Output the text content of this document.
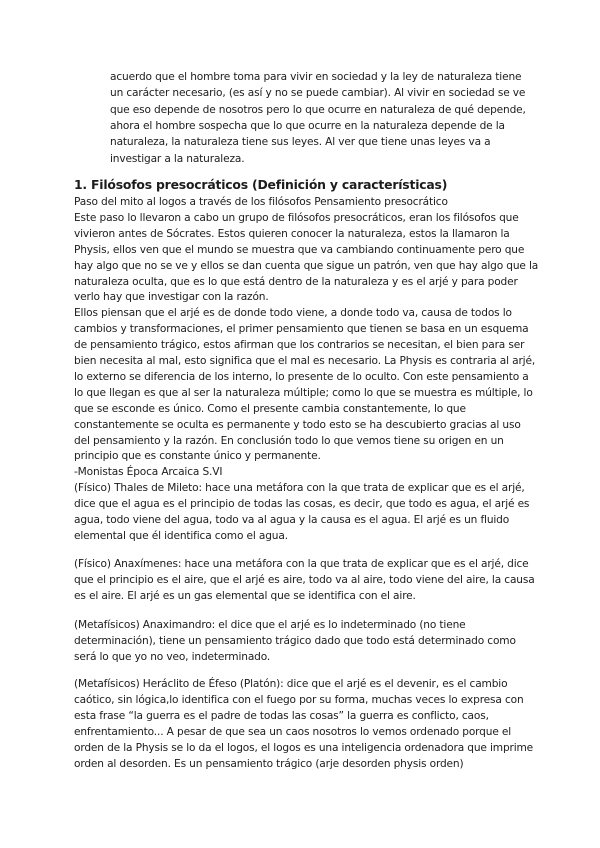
acuerdo que el hombre toma para vivir en sociedad y la ley de naturaleza tiene
un carácter necesario, (es así y no se puede cambiar). Al vivir en sociedad se ve
que eso depende de nosotros pero lo que ocurre en naturaleza de qué depende,
ahora el hombre sospecha que lo que ocurre en la naturaleza depende de la
naturaleza, la naturaleza tiene sus leyes. Al ver que tiene unas leyes va a
investigar a la naturaleza.
1. Filósofos presocráticos (Definición y características)
Paso del mito al logos a través de los filósofos Pensamiento presocrático
Este paso lo llevaron a cabo un grupo de filósofos presocráticos, eran los filósofos que
vivieron antes de Sócrates. Estos quieren conocer la naturaleza, estos la llamaron la
Physis, ellos ven que el mundo se muestra que va cambiando continuamente pero que
hay algo que no se ve y ellos se dan cuenta que sigue un patrón, ven que hay algo que la
naturaleza oculta, que es lo que está dentro de la naturaleza y es el arjé y para poder
verlo hay que investigar con la razón.
Ellos piensan que el arjé es de donde todo viene, a donde todo va, causa de todos lo
cambios y transformaciones, el primer pensamiento que tienen se basa en un esquema
de pensamiento trágico, estos afirman que los contrarios se necesitan, el bien para ser
bien necesita al mal, esto significa que el mal es necesario. La Physis es contraria al arjé,
lo externo se diferencia de los interno, lo presente de lo oculto. Con este pensamiento a
lo que llegan es que al ser la naturaleza múltiple; como lo que se muestra es múltiple, lo
que se esconde es único. Como el presente cambia constantemente, lo que
constantemente se oculta es permanente y todo esto se ha descubierto gracias al uso
del pensamiento y la razón. En conclusión todo lo que vemos tiene su origen en un
principio que es constante único y permanente.
-Monistas Época Arcaica S.VI
(Físico) Thales de Mileto: hace una metáfora con la que trata de explicar que es el arjé,
dice que el agua es el principio de todas las cosas, es decir, que todo es agua, el arjé es
agua, todo viene del agua, todo va al agua y la causa es el agua. El arjé es un fluido
elemental que él identifica como el agua.
(Físico) Anaxímenes: hace una metáfora con la que trata de explicar que es el arjé, dice
que el principio es el aire, que el arjé es aire, todo va al aire, todo viene del aire, la causa
es el aire. El arjé es un gas elemental que se identifica con el aire.
(Metafísicos) Anaximandro: el dice que el arjé es lo indeterminado (no tiene
determinación), tiene un pensamiento trágico dado que todo está determinado como
será lo que yo no veo, indeterminado.
(Metafísicos) Heráclito de Éfeso (Platón): dice que el arjé es el devenir, es el cambio
caótico, sin lógica,lo identifica con el fuego por su forma, muchas veces lo expresa con
esta frase “la guerra es el padre de todas las cosas” la guerra es conflicto, caos,
enfrentamiento... A pesar de que sea un caos nosotros lo vemos ordenado porque el
orden de la Physis se lo da el logos, el logos es una inteligencia ordenadora que imprime
orden al desorden. Es un pensamiento trágico (arje desorden physis orden)
